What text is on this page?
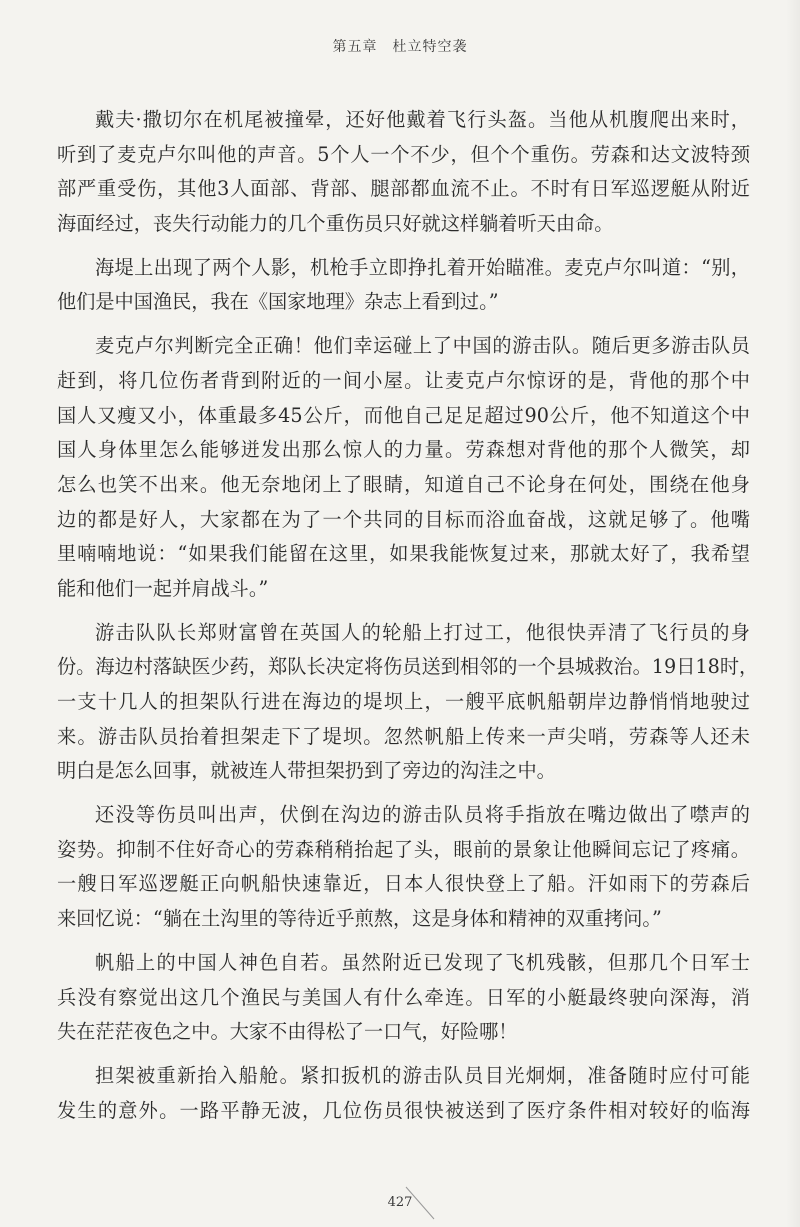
第五章　杜立特空袭
戴夫·撒切尔在机尾被撞晕，还好他戴着飞行头盔。当他从机腹爬出来时，
听到了麦克卢尔叫他的声音。5个人一个不少，但个个重伤。劳森和达文波特颈
部严重受伤，其他3人面部、背部、腿部都血流不止。不时有日军巡逻艇从附近
海面经过，丧失行动能力的几个重伤员只好就这样躺着听天由命。
海堤上出现了两个人影，机枪手立即挣扎着开始瞄准。麦克卢尔叫道：“别，
他们是中国渔民，我在《国家地理》杂志上看到过。”
麦克卢尔判断完全正确！他们幸运碰上了中国的游击队。随后更多游击队员
赶到，将几位伤者背到附近的一间小屋。让麦克卢尔惊讶的是，背他的那个中
国人又瘦又小，体重最多45公斤，而他自己足足超过90公斤，他不知道这个中
国人身体里怎么能够迸发出那么惊人的力量。劳森想对背他的那个人微笑，却
怎么也笑不出来。他无奈地闭上了眼睛，知道自己不论身在何处，围绕在他身
边的都是好人，大家都在为了一个共同的目标而浴血奋战，这就足够了。他嘴
里喃喃地说：“如果我们能留在这里，如果我能恢复过来，那就太好了，我希望
能和他们一起并肩战斗。”
游击队队长郑财富曾在英国人的轮船上打过工，他很快弄清了飞行员的身
份。海边村落缺医少药，郑队长决定将伤员送到相邻的一个县城救治。19日18时，
一支十几人的担架队行进在海边的堤坝上，一艘平底帆船朝岸边静悄悄地驶过
来。游击队员抬着担架走下了堤坝。忽然帆船上传来一声尖哨，劳森等人还未
明白是怎么回事，就被连人带担架扔到了旁边的沟洼之中。
还没等伤员叫出声，伏倒在沟边的游击队员将手指放在嘴边做出了噤声的
姿势。抑制不住好奇心的劳森稍稍抬起了头，眼前的景象让他瞬间忘记了疼痛。
一艘日军巡逻艇正向帆船快速靠近，日本人很快登上了船。汗如雨下的劳森后
来回忆说：“躺在土沟里的等待近乎煎熬，这是身体和精神的双重拷问。”
帆船上的中国人神色自若。虽然附近已发现了飞机残骸，但那几个日军士
兵没有察觉出这几个渔民与美国人有什么牵连。日军的小艇最终驶向深海，消
失在茫茫夜色之中。大家不由得松了一口气，好险哪！
担架被重新抬入船舱。紧扣扳机的游击队员目光炯炯，准备随时应付可能
发生的意外。一路平静无波，几位伤员很快被送到了医疗条件相对较好的临海
427
